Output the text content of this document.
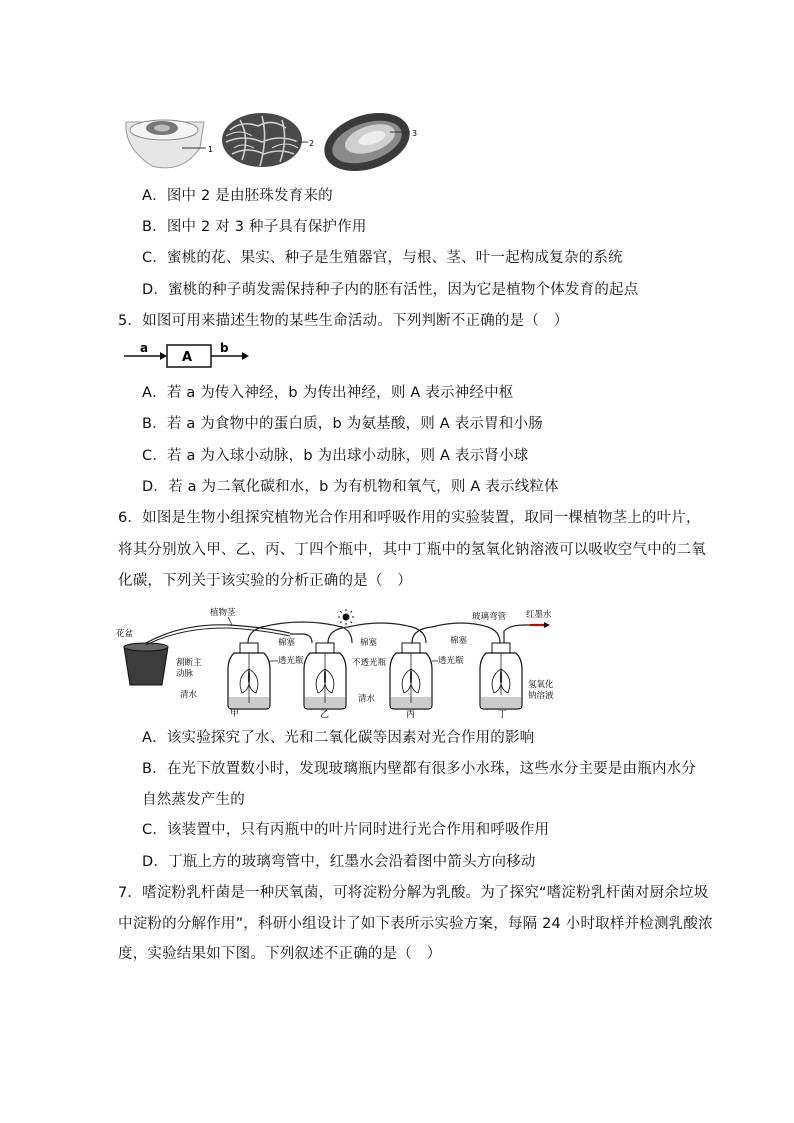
1
2
3
A．图中 2 是由胚珠发育来的
B．图中 2 对 3 种子具有保护作用
C．蜜桃的花、果实、种子是生殖器官，与根、茎、叶一起构成复杂的系统
D．蜜桃的种子萌发需保持种子内的胚有活性，因为它是植物个体发育的起点
5．如图可用来描述生物的某些生命活动。下列判断不正确的是（　）
a
A
b
A．若 a 为传入神经，b 为传出神经，则 A 表示神经中枢
B．若 a 为食物中的蛋白质，b 为氨基酸，则 A 表示胃和小肠
C．若 a 为入球小动脉，b 为出球小动脉，则 A 表示肾小球
D．若 a 为二氧化碳和水，b 为有机物和氧气，则 A 表示线粒体
6．如图是生物小组探究植物光合作用和呼吸作用的实验装置，取同一棵植物茎上的叶片，
将其分别放入甲、乙、丙、丁四个瓶中，其中丁瓶中的氢氧化钠溶液可以吸收空气中的二氧
化碳，下列关于该实验的分析正确的是（　）
花盆
植物茎
割断主
动脉
清水
棉塞	棉塞	棉塞
玻璃弯管 红墨水
透光瓶	不透光瓶
清水
透光瓶
氢氧化
钠溶液
甲	乙	丙	丁
A．该实验探究了水、光和二氧化碳等因素对光合作用的影响
B．在光下放置数小时，发现玻璃瓶内壁都有很多小水珠，这些水分主要是由瓶内水分
自然蒸发产生的
C．该装置中，只有丙瓶中的叶片同时进行光合作用和呼吸作用
D．丁瓶上方的玻璃弯管中，红墨水会沿着图中箭头方向移动
7．嗜淀粉乳杆菌是一种厌氧菌，可将淀粉分解为乳酸。为了探究“嗜淀粉乳杆菌对厨余垃圾
中淀粉的分解作用”，科研小组设计了如下表所示实验方案，每隔 24 小时取样并检测乳酸浓
度，实验结果如下图。下列叙述不正确的是（　）
